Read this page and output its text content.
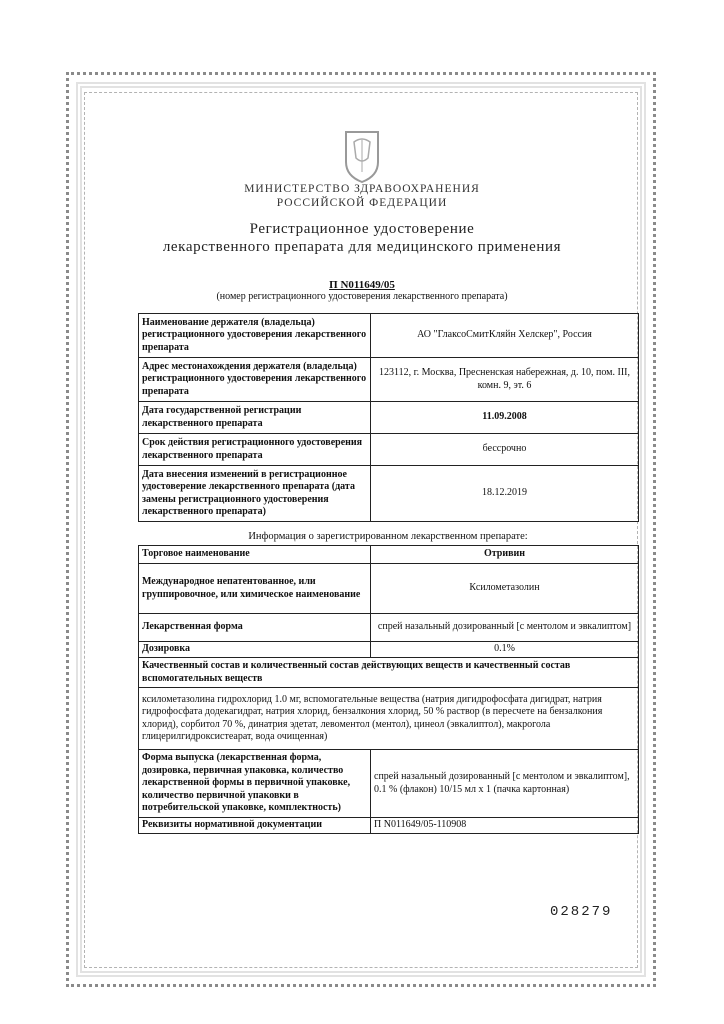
МИНИСТЕРСТВО ЗДРАВООХРАНЕНИЯ
РОССИЙСКОЙ ФЕДЕРАЦИИ
Регистрационное удостоверение
лекарственного препарата для медицинского применения
П N011649/05
(номер регистрационного удостоверения лекарственного препарата)
Наименование держателя (владельца) регистрационного удостоверения лекарственного препарата	АО "ГлаксоСмитКляйн Хелскер", Россия
Адрес местонахождения держателя (владельца) регистрационного удостоверения лекарственного препарата	123112, г. Москва, Пресненская набережная, д. 10, пом. III, комн. 9, эт. 6
Дата государственной регистрации лекарственного препарата	11.09.2008
Срок действия регистрационного удостоверения лекарственного препарата	бессрочно
Дата внесения изменений в регистрационное удостоверение лекарственного препарата (дата замены регистрационного удостоверения лекарственного препарата)	18.12.2019
Информация о зарегистрированном лекарственном препарате:
Торговое наименование	Отривин
Международное непатентованное, или группировочное, или химическое наименование	Ксилометазолин
Лекарственная форма	спрей назальный дозированный [с ментолом и эвкалиптом]
Дозировка	0.1%
Качественный состав и количественный состав действующих веществ и качественный состав вспомогательных веществ	
ксилометазолина гидрохлорид 1.0 мг, вспомогательные вещества (натрия дигидрофосфата дигидрат, натрия гидрофосфата додекагидрат, натрия хлорид, бензалкония хлорид, 50 % раствор (в пересчете на бензалкония хлорид), сорбитол 70 %, динатрия эдетат, левоментол (ментол), цинеол (эвкалиптол), макрогола глицерилгидроксистеарат, вода очищенная)	
Форма выпуска (лекарственная форма, дозировка, первичная упаковка, количество лекарственной формы в первичной упаковке, количество первичной упаковки в потребительской упаковке, комплектность)	спрей назальный дозированный [с ментолом и эвкалиптом], 0.1 % (флакон) 10/15 мл х 1 (пачка картонная)
Реквизиты нормативной документации	П N011649/05-110908
028279
